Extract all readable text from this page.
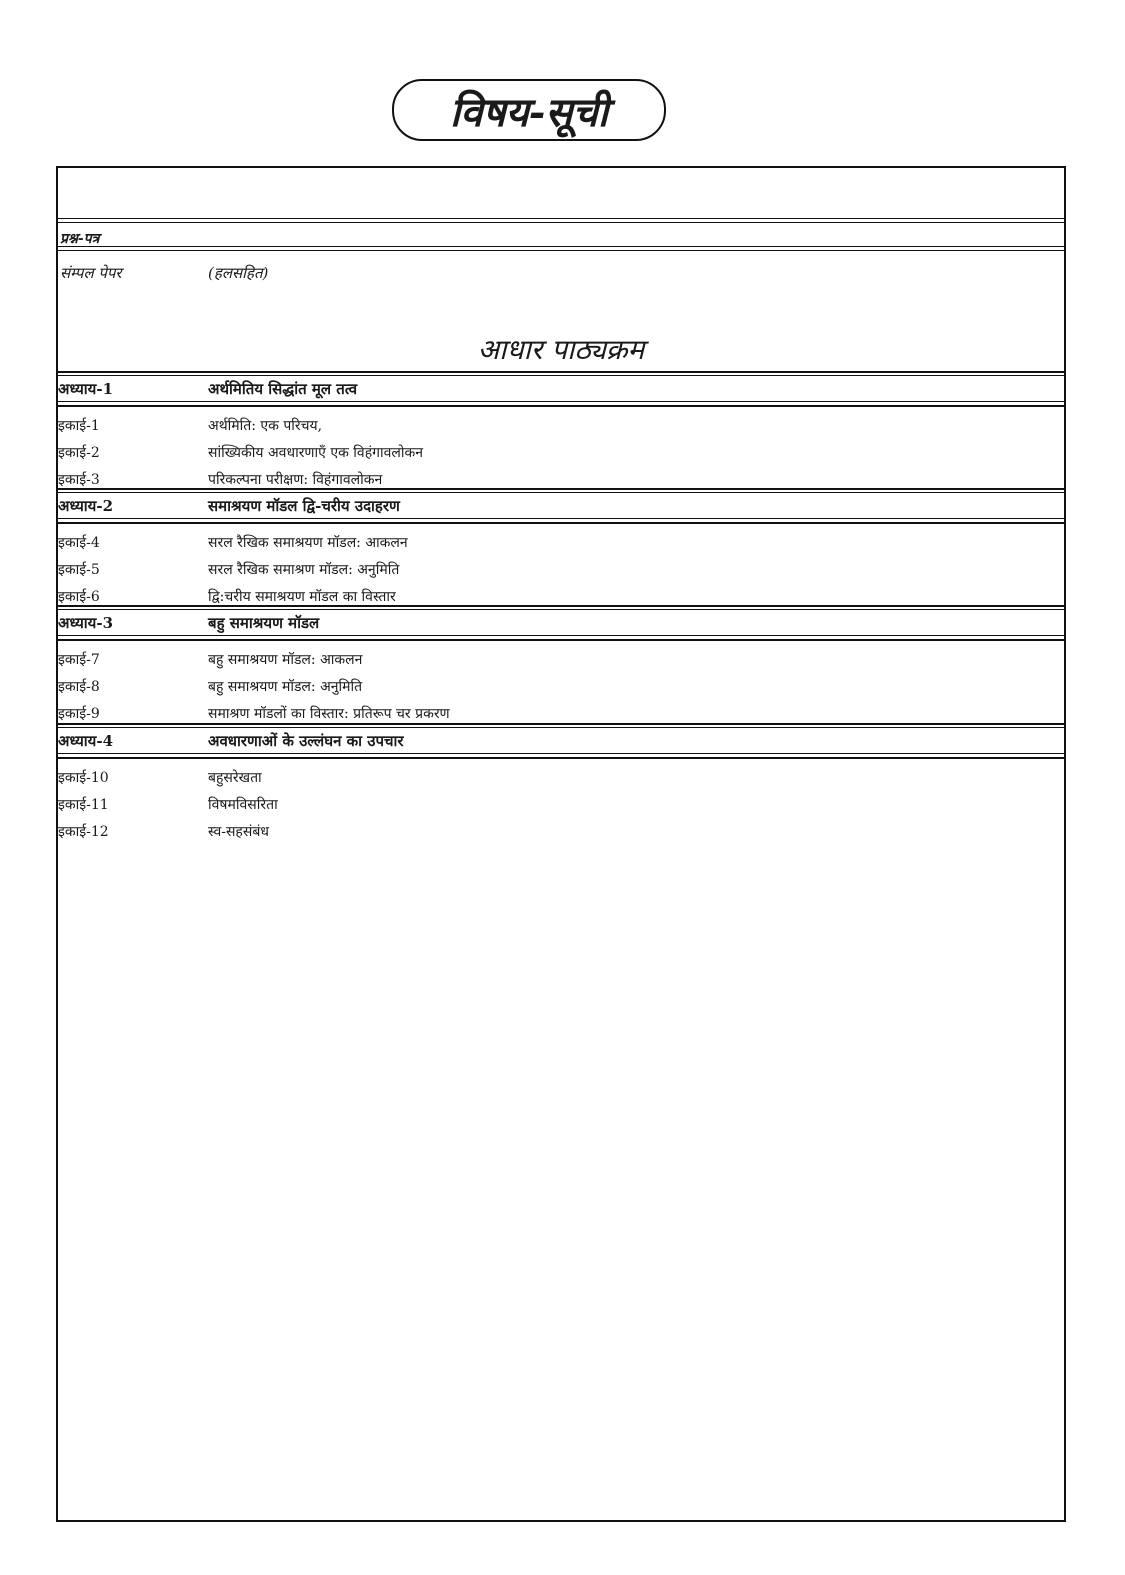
विषय-सूची
प्रश्न-पत्र
संम्पल पेपर	(हलसहित)
आधार पाठ्यक्रम
अध्याय-1	अर्थमितिय सिद्धांत मूल तत्व
इकाई-1	अर्थमिति: एक परिचय,
इकाई-2	सांख्यिकीय अवधारणाएँ एक विहंगावलोकन
इकाई-3	परिकल्पना परीक्षण: विहंगावलोकन
अध्याय-2	समाश्रयण मॉडल द्वि-चरीय उदाहरण
इकाई-4	सरल रैखिक समाश्रयण मॉडल: आकलन
इकाई-5	सरल रैखिक समाश्रण मॉडल: अनुमिति
इकाई-6	द्वि:चरीय समाश्रयण मॉडल का विस्तार
अध्याय-3	बहु समाश्रयण मॉडल
इकाई-7	बहु समाश्रयण मॉडल: आकलन
इकाई-8	बहु समाश्रयण मॉडल: अनुमिति
इकाई-9	समाश्रण मॉडलों का विस्तार: प्रतिरूप चर प्रकरण
अध्याय-4	अवधारणाओं के उल्लंघन का उपचार
इकाई-10	बहुसरेखता
इकाई-11	विषमविसरिता
इकाई-12	स्व-सहसंबंध
